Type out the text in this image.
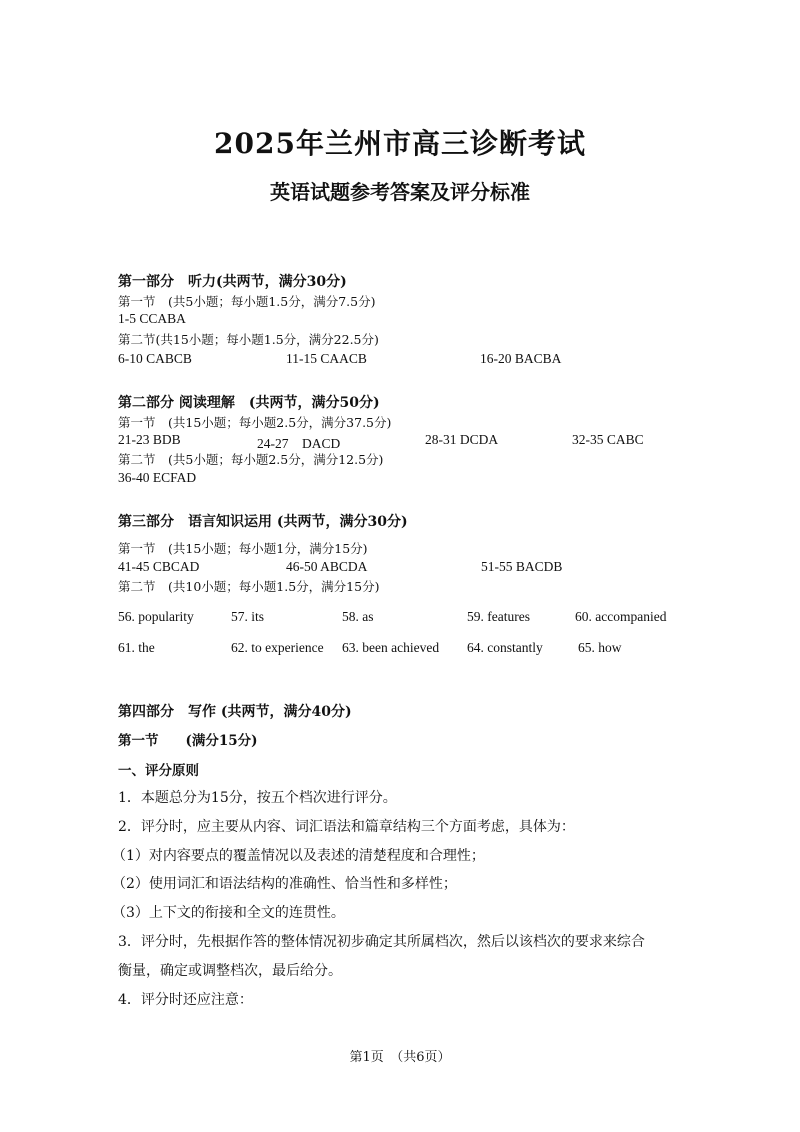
2025年兰州市高三诊断考试
英语试题参考答案及评分标准
第一部分　听力(共两节，满分30分)
第一节　(共5小题；每小题1.5分，满分7.5分)
1-5 CCABA
第二节(共15小题；每小题1.5分，满分22.5分)
6-10 CABCB	11-15 CAACB	16-20 BACBA
第二部分 阅读理解　(共两节，满分50分)
第一节　(共15小题；每小题2.5分，满分37.5分)
21-23 BDB	24-27　DACD	28-31 DCDA	32-35 CABC
第二节　(共5小题；每小题2.5分，满分12.5分)
36-40 ECFAD
第三部分　语言知识运用 (共两节，满分30分)
第一节　(共15小题；每小题1分，满分15分)
41-45 CBCAD	46-50 ABCDA	51-55 BACDB
第二节　(共10小题；每小题1.5分，满分15分)
56. popularity	57. its	58. as	59. features	60. accompanied
61. the	62. to experience 63. been achieved 64. constantly	65. how
第四部分　写作 (共两节，满分40分)
第一节　　(满分15分)
一、评分原则
1．本题总分为15分，按五个档次进行评分。
2．评分时，应主要从内容、词汇语法和篇章结构三个方面考虑，具体为：
（1）对内容要点的覆盖情况以及表述的清楚程度和合理性；
（2）使用词汇和语法结构的准确性、恰当性和多样性；
（3）上下文的衔接和全文的连贯性。
3．评分时，先根据作答的整体情况初步确定其所属档次，然后以该档次的要求来综合
衡量，确定或调整档次，最后给分。
4．评分时还应注意：
第1页　（共6页）
